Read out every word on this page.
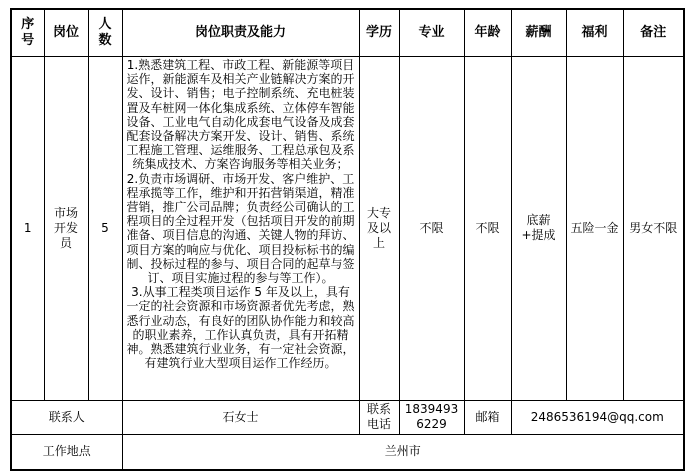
序号	岗位	人数	岗位职责及能力	学历	专业	年龄	薪酬	福利	备注
1	市场开发员	5	1.熟悉建筑工程、市政工程、新能源等项目运作，新能源车及相关产业链解决方案的开发、设计、销售；电子控制系统、充电桩装置及车桩网一体化集成系统、立体停车智能设备、工业电气自动化成套电气设备及成套配套设备解决方案开发、设计、销售、系统工程施工管理、运维服务、工程总承包及系统集成技术、方案咨询服务等相关业务；
2.负责市场调研、市场开发、客户维护、工程承揽等工作，维护和开拓营销渠道，精准营销，推广公司品牌；负责经公司确认的工程项目的全过程开发（包括项目开发的前期准备、项目信息的沟通、关键人物的拜访、项目方案的响应与优化、项目投标标书的编制、投标过程的参与、项目合同的起草与签订、项目实施过程的参与等工作）。
3.从事工程类项目运作 5 年及以上，具有一定的社会资源和市场资源者优先考虑，熟悉行业动态，有良好的团队协作能力和较高的职业素养，工作认真负责，具有开拓精神。熟悉建筑行业业务，有一定社会资源，有建筑行业大型项目运作工作经历。	大专及以上	不限	不限	底薪+提成	五险一金	男女不限
联系人			石女士	联系电话	18394936229	邮箱	2486536194@qq.com		
工作地点			兰州市						
